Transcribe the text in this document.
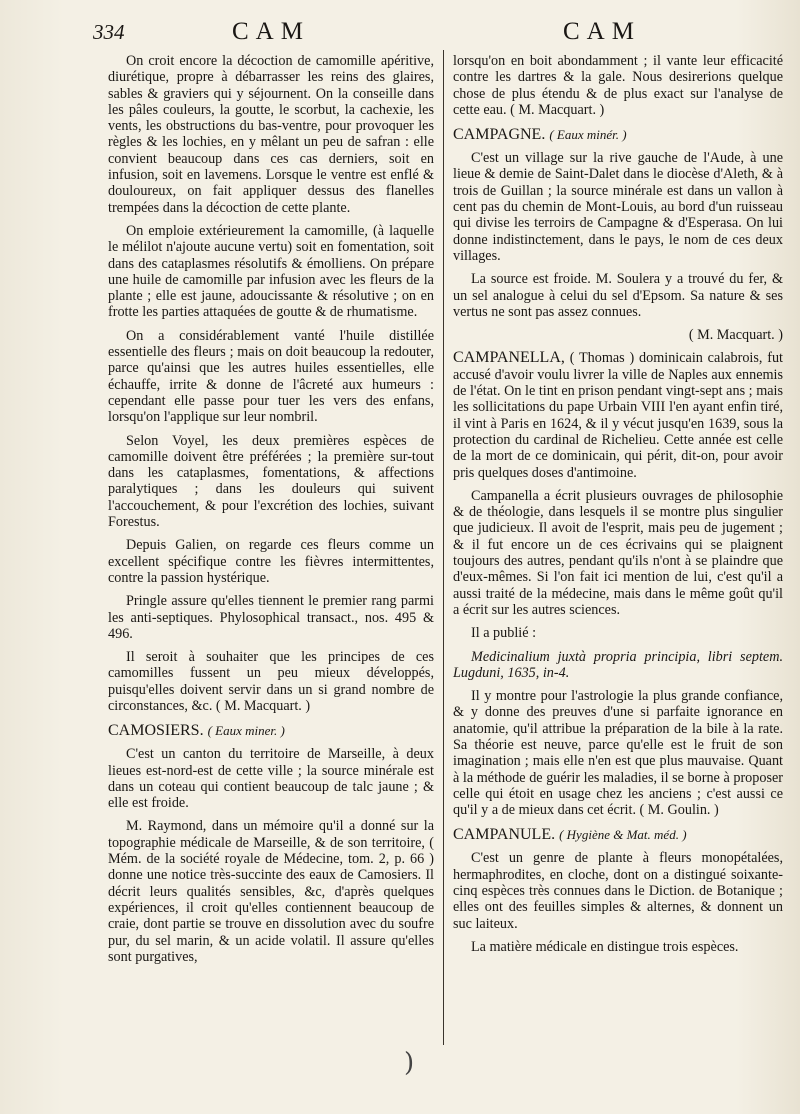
334	CAM	CAM

On croit encore la décoction de camomille apéritive, diurétique, propre à débarrasser les reins des glaires, sables & graviers qui y séjournent. On la conseille dans les pâles couleurs, la goutte, le scorbut, la cachexie, les vents, les obstructions du bas-ventre, pour provoquer les règles & les lochies, en y mêlant un peu de safran : elle convient beaucoup dans ces cas derniers, soit en infusion, soit en lavemens. Lorsque le ventre est enflé & douloureux, on fait appliquer dessus des flanelles trempées dans la décoction de cette plante.

On emploie extérieurement la camomille, (à laquelle le mélilot n'ajoute aucune vertu) soit en fomentation, soit dans des cataplasmes résolutifs & émolliens. On prépare une huile de camomille par infusion avec les fleurs de la plante ; elle est jaune, adoucissante & résolutive ; on en frotte les parties attaquées de goutte & de rhumatisme.

On a considérablement vanté l'huile distillée essentielle des fleurs ; mais on doit beaucoup la redouter, parce qu'ainsi que les autres huiles essentielles, elle échauffe, irrite & donne de l'âcreté aux humeurs : cependant elle passe pour tuer les vers des enfans, lorsqu'on l'applique sur leur nombril.

Selon Voyel, les deux premières espèces de camomille doivent être préférées ; la première sur-tout dans les cataplasmes, fomentations, & affections paralytiques ; dans les douleurs qui suivent l'accouchement, & pour l'excrétion des lochies, suivant Forestus.

Depuis Galien, on regarde ces fleurs comme un excellent spécifique contre les fièvres intermittentes, contre la passion hystérique.

Pringle assure qu'elles tiennent le premier rang parmi les anti-septiques. Phylosophical transact., nos. 495 & 496.

Il seroit à souhaiter que les principes de ces camomilles fussent un peu mieux développés, puisqu'elles doivent servir dans un si grand nombre de circonstances, &c. ( M. Macquart. )

CAMOSIERS. ( Eaux miner. )

C'est un canton du territoire de Marseille, à deux lieues est-nord-est de cette ville ; la source minérale est dans un coteau qui contient beaucoup de talc jaune ; & elle est froide.

M. Raymond, dans un mémoire qu'il a donné sur la topographie médicale de Marseille, & de son territoire, ( Mém. de la société royale de Médecine, tom. 2, p. 66 ) donne une notice très-succinte des eaux de Camosiers. Il décrit leurs qualités sensibles, &c, d'après quelques expériences, il croit qu'elles contiennent beaucoup de craie, dont partie se trouve en dissolution avec du soufre pur, du sel marin, & un acide volatil. Il assure qu'elles sont purgatives,

lorsqu'on en boit abondamment ; il vante leur efficacité contre les dartres & la gale. Nous desirerions quelque chose de plus étendu & de plus exact sur l'analyse de cette eau. ( M. Macquart. )

CAMPAGNE. ( Eaux minér. )

C'est un village sur la rive gauche de l'Aude, à une lieue & demie de Saint-Dalet dans le diocèse d'Aleth, & à trois de Guillan ; la source minérale est dans un vallon à cent pas du chemin de Mont-Louis, au bord d'un ruisseau qui divise les terroirs de Campagne & d'Esperasa. On lui donne indistinctement, dans le pays, le nom de ces deux villages.

La source est froide. M. Soulera y a trouvé du fer, & un sel analogue à celui du sel d'Epsom. Sa nature & ses vertus ne sont pas assez connues.

( M. Macquart. )

CAMPANELLA, ( Thomas ) dominicain calabrois, fut accusé d'avoir voulu livrer la ville de Naples aux ennemis de l'état. On le tint en prison pendant vingt-sept ans ; mais les sollicitations du pape Urbain VIII l'en ayant enfin tiré, il vint à Paris en 1624, & il y vécut jusqu'en 1639, sous la protection du cardinal de Richelieu. Cette année est celle de la mort de ce dominicain, qui périt, dit-on, pour avoir pris quelques doses d'antimoine.

Campanella a écrit plusieurs ouvrages de philosophie & de théologie, dans lesquels il se montre plus singulier que judicieux. Il avoit de l'esprit, mais peu de jugement ; & il fut encore un de ces écrivains qui se plaignent toujours des autres, pendant qu'ils n'ont à se plaindre que d'eux-mêmes. Si l'on fait ici mention de lui, c'est qu'il a aussi traité de la médecine, mais dans le même goût qu'il a écrit sur les autres sciences.

Il a publié :

Medicinalium juxtà propria principia, libri septem. Lugduni, 1635, in-4.

Il y montre pour l'astrologie la plus grande confiance, & y donne des preuves d'une si parfaite ignorance en anatomie, qu'il attribue la préparation de la bile à la rate. Sa théorie est neuve, parce qu'elle est le fruit de son imagination ; mais elle n'en est que plus mauvaise. Quant à la méthode de guérir les maladies, il se borne à proposer celle qui étoit en usage chez les anciens ; c'est aussi ce qu'il y a de mieux dans cet écrit. ( M. Goulin. )

CAMPANULE. ( Hygiène & Mat. méd. )

C'est un genre de plante à fleurs monopétalées, hermaphrodites, en cloche, dont on a distingué soixante-cinq espèces très connues dans le Diction. de Botanique ; elles ont des feuilles simples & alternes, & donnent un suc laiteux.

La matière médicale en distingue trois espèces.

)
